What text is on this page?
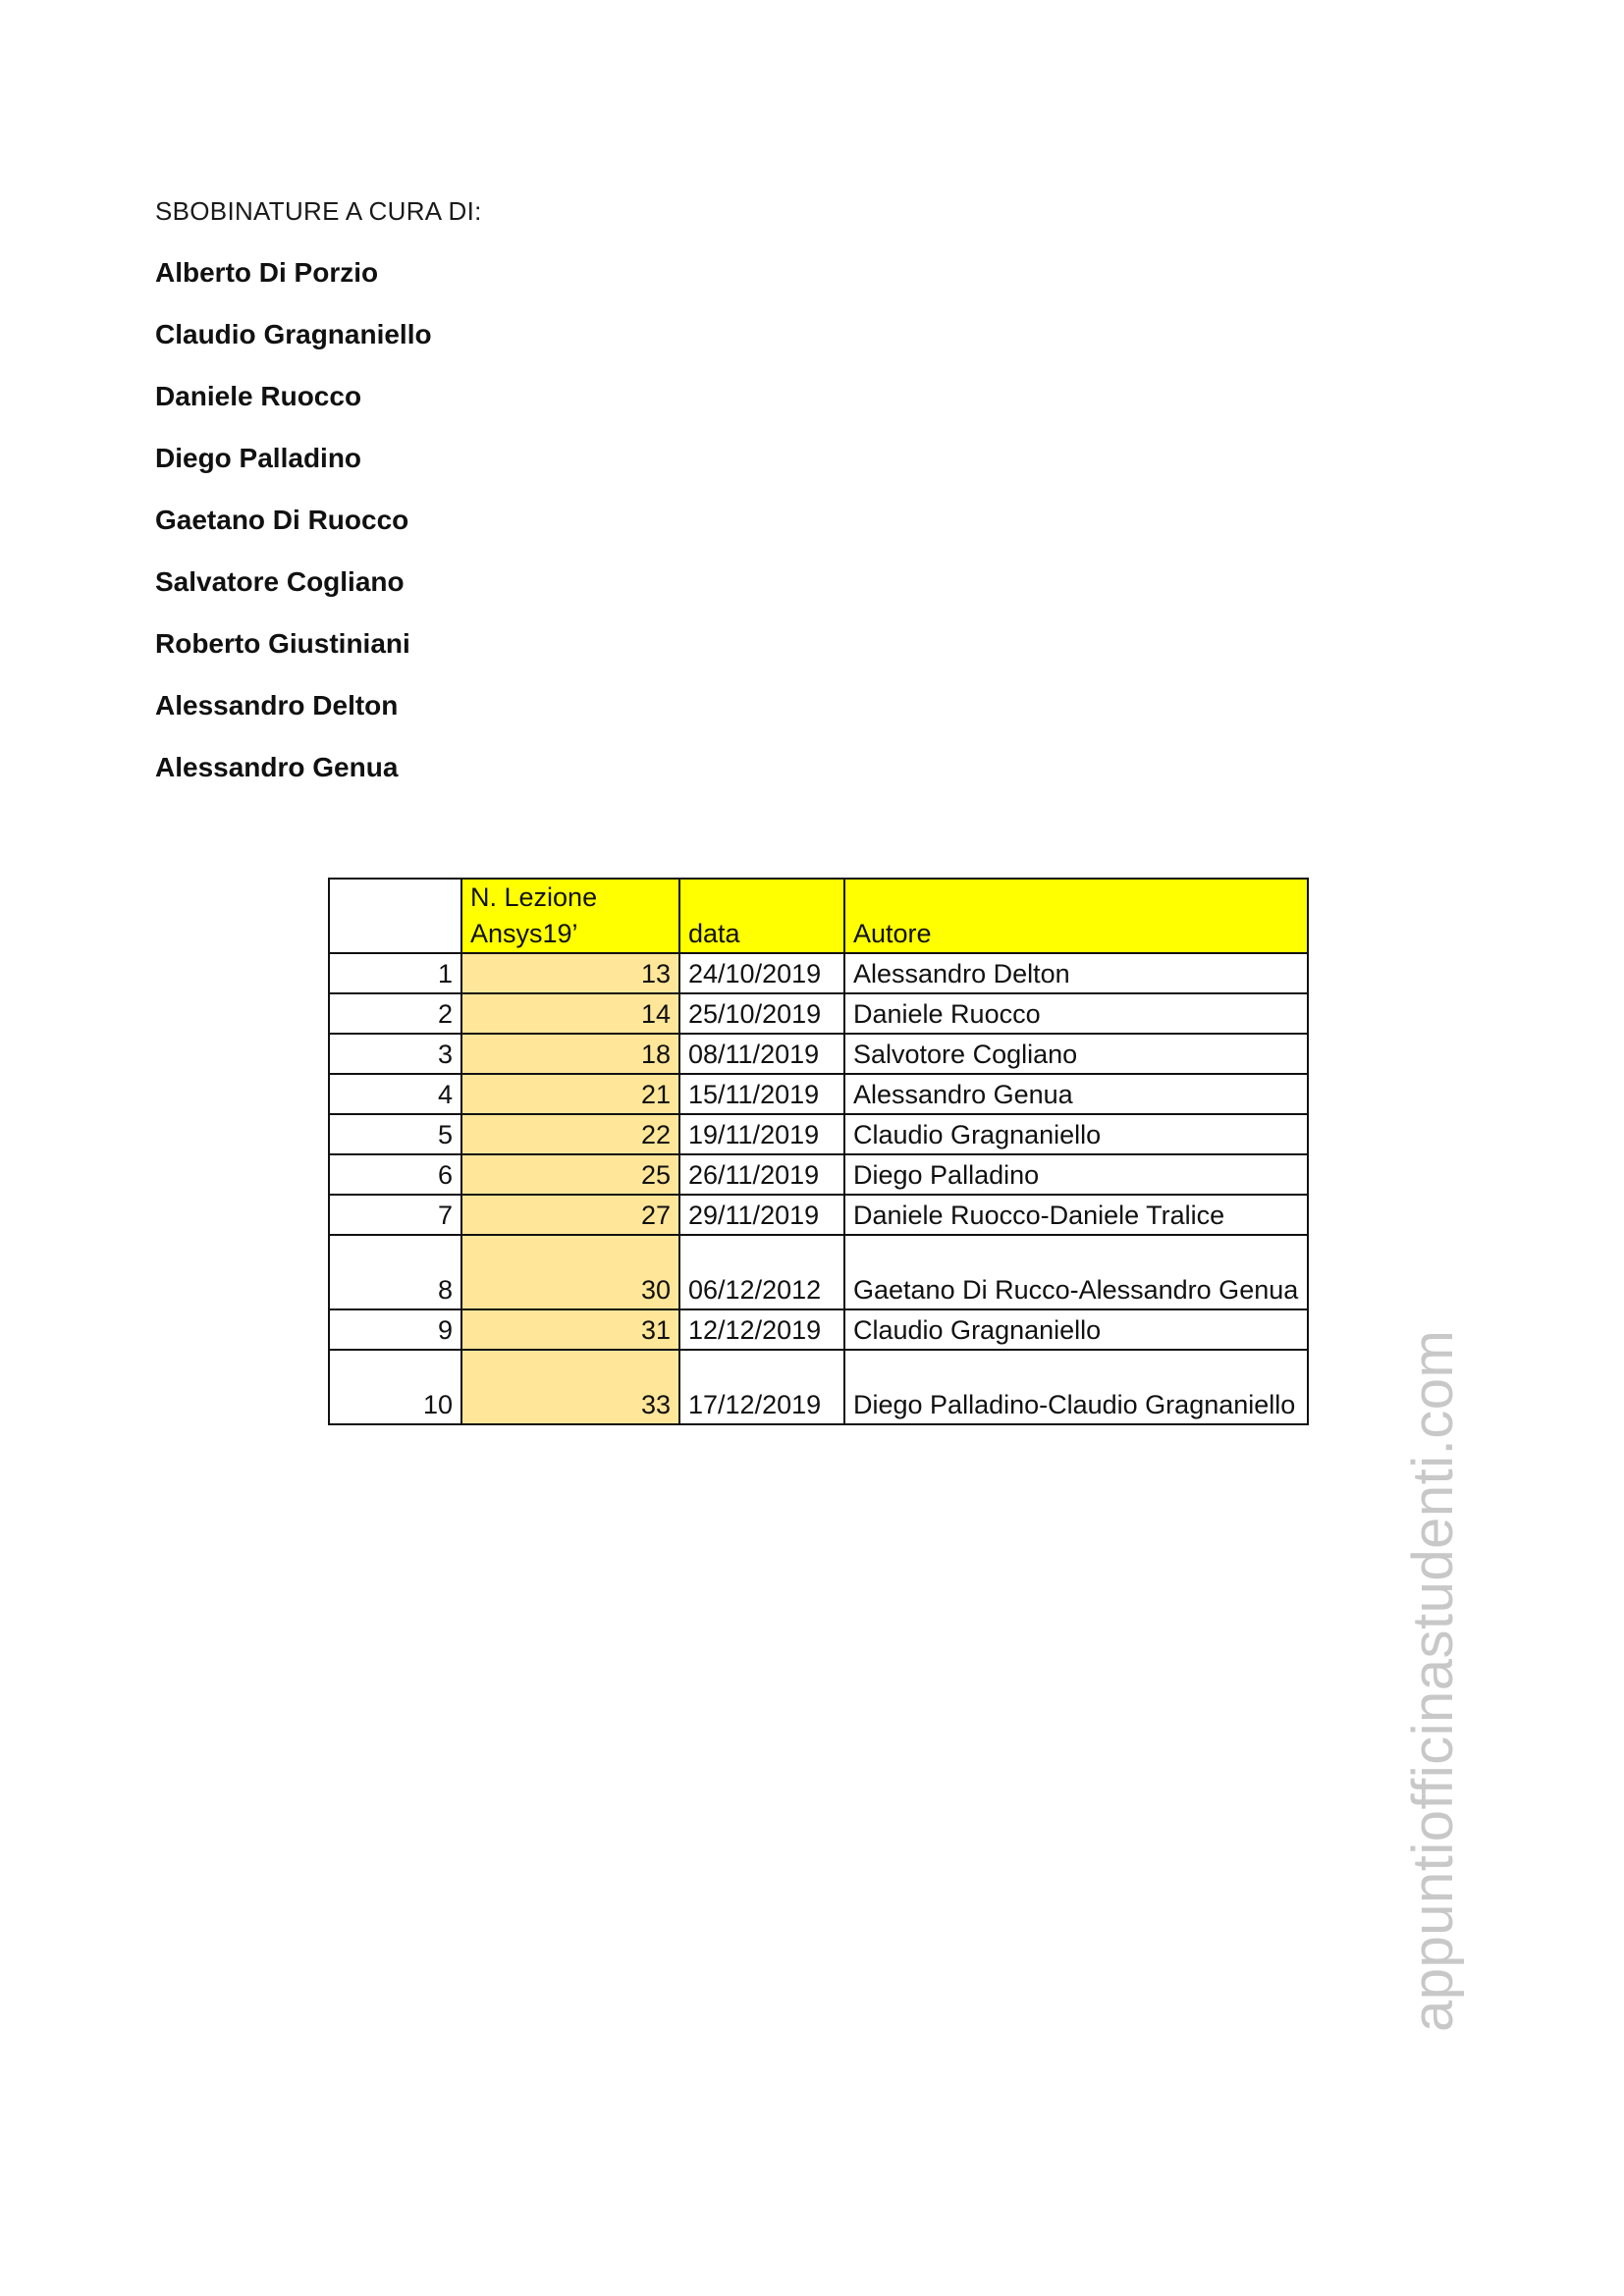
SBOBINATURE A CURA DI:
Alberto Di Porzio
Claudio Gragnaniello
Daniele Ruocco
Diego Palladino
Gaetano Di Ruocco
Salvatore Cogliano
Roberto Giustiniani
Alessandro Delton
Alessandro Genua
	N. Lezione Ansys19’	data	Autore
1	13	24/10/2019	Alessandro Delton
2	14	25/10/2019	Daniele Ruocco
3	18	08/11/2019	Salvotore Cogliano
4	21	15/11/2019	Alessandro Genua
5	22	19/11/2019	Claudio Gragnaniello
6	25	26/11/2019	Diego Palladino
7	27	29/11/2019	Daniele Ruocco-Daniele Tralice
8	30	06/12/2012	Gaetano Di Rucco-Alessandro Genua
9	31	12/12/2019	Claudio Gragnaniello
10	33	17/12/2019	Diego Palladino-Claudio Gragnaniello appuntiofficinastudenti.com
